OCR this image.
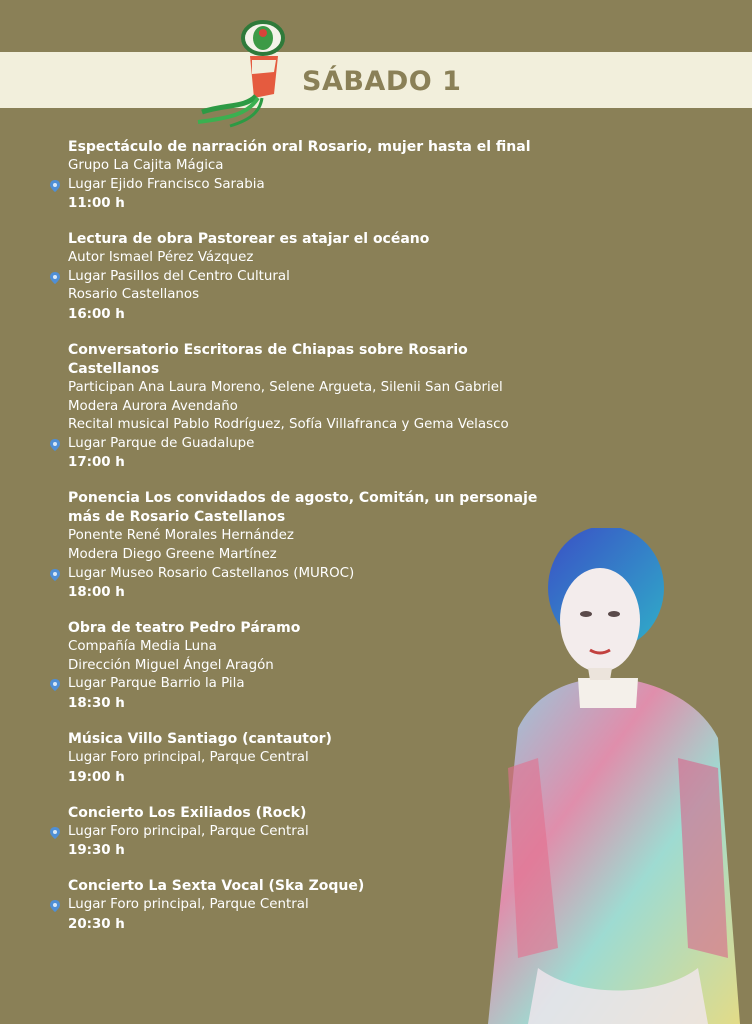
SÁBADO 1
Espectáculo de narración oral Rosario, mujer hasta el final
Grupo La Cajita Mágica
Lugar Ejido Francisco Sarabia
11:00 h
Lectura de obra Pastorear es atajar el océano
Autor Ismael Pérez Vázquez
Lugar Pasillos del Centro Cultural
Rosario Castellanos
16:00 h
Conversatorio Escritoras de Chiapas sobre Rosario Castellanos
Participan Ana Laura Moreno, Selene Argueta, Silenii San Gabriel
Modera Aurora Avendaño
Recital musical Pablo Rodríguez, Sofía Villafranca y Gema Velasco
Lugar Parque de Guadalupe
17:00 h
Ponencia Los convidados de agosto, Comitán, un personaje más de Rosario Castellanos
Ponente René Morales Hernández
Modera Diego Greene Martínez
Lugar Museo Rosario Castellanos (MUROC)
18:00 h
Obra de teatro Pedro Páramo
Compañía Media Luna
Dirección Miguel Ángel Aragón
Lugar Parque Barrio la Pila
18:30 h
Música Villo Santiago (cantautor)
Lugar Foro principal, Parque Central
19:00 h
Concierto Los Exiliados (Rock)
Lugar Foro principal, Parque Central
19:30 h
Concierto La Sexta Vocal (Ska Zoque)
Lugar Foro principal, Parque Central
20:30 h
